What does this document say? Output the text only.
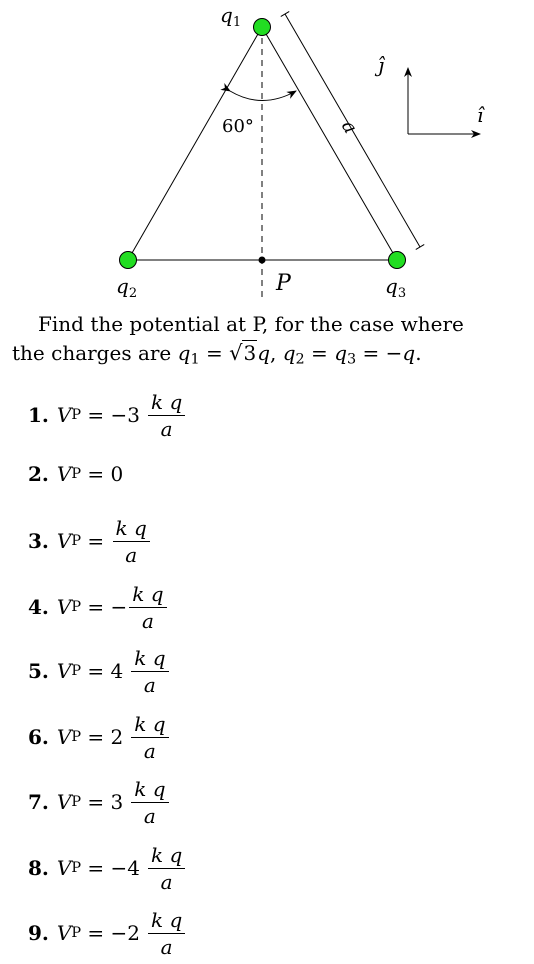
60°	a
P
$q_1$
$q_2$	$q_3$
ĵ
î
Find the potential at P, for the case where
the charges are $q_1 = √3q$, $q_2 = q_3 = -q$.
1. V $P = -3 \frac{\text{k q}}{a}$
2. V P = 0
3. V $P = \frac{\text{k q}}{a}$
4. V P = − $\frac{\text{k q}}{a}$
5. V $P = 4 \frac{\text{k q}}{a}$
6. V $P = 2 \frac{\text{k q}}{a}$
7. V $P = 3 \frac{\text{k q}}{a}$
8. V $P = -4 \frac{\text{k q}}{a}$
9. V $P = -2 \frac{\text{k q}}{a}$
